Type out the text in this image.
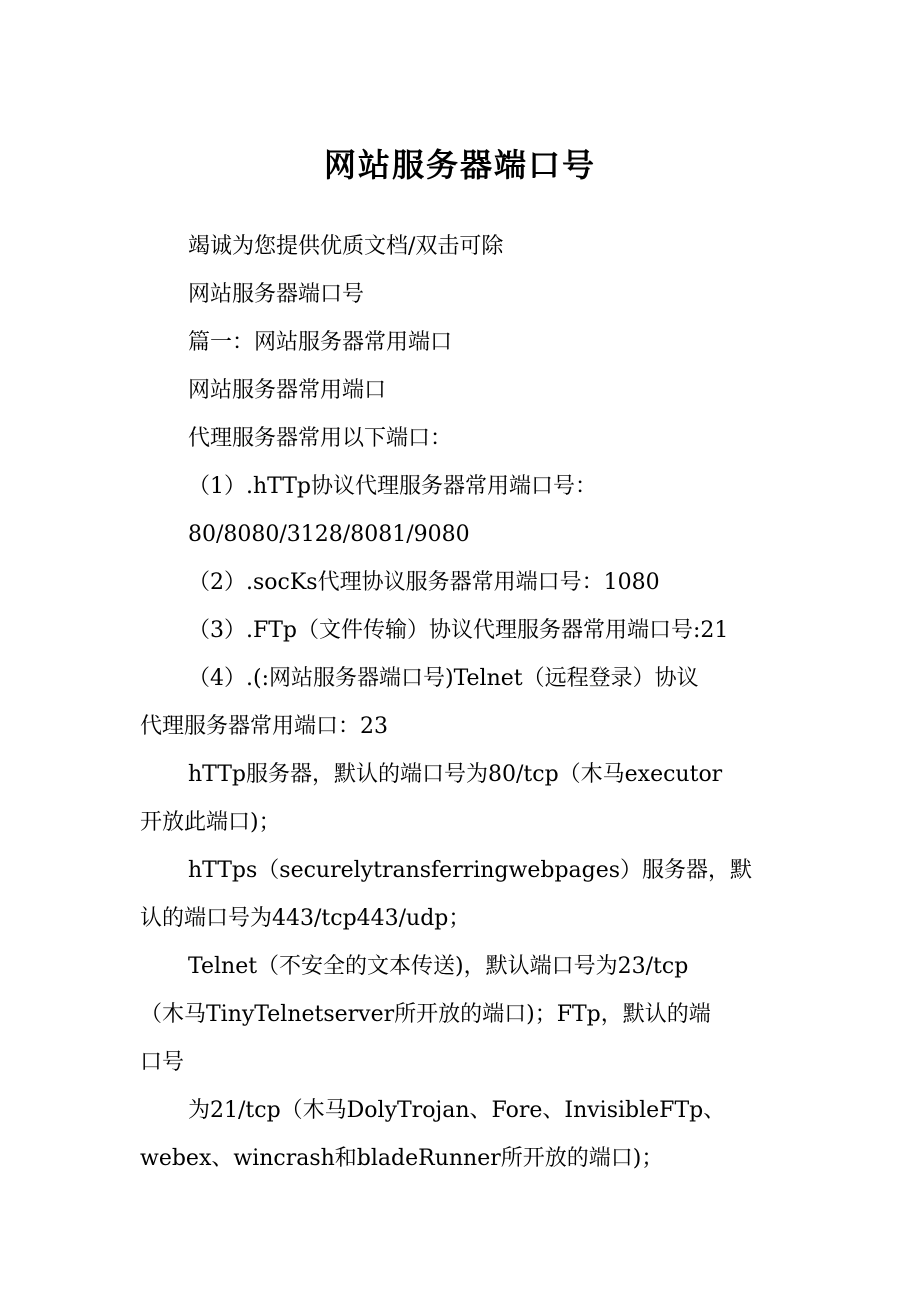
网站服务器端口号
竭诚为您提供优质文档/双击可除
网站服务器端口号
篇一：网站服务器常用端口
网站服务器常用端口
代理服务器常用以下端口：
（1）.hTTp协议代理服务器常用端口号：
80/8080/3128/8081/9080
（2）.socKs代理协议服务器常用端口号：1080
（3）.FTp（文件传输）协议代理服务器常用端口号:21
（4）.(:网站服务器端口号)Telnet（远程登录）协议
代理服务器常用端口：23
hTTp服务器，默认的端口号为80/tcp（木马executor
开放此端口)；
hTTps（securelytransferringwebpages）服务器，默
认的端口号为443/tcp443/udp；
Telnet（不安全的文本传送)，默认端口号为23/tcp
（木马TinyTelnetserver所开放的端口)；FTp，默认的端
口号
为21/tcp（木马DolyTrojan、Fore、InvisibleFTp、
webex、wincrash和bladeRunner所开放的端口)；
